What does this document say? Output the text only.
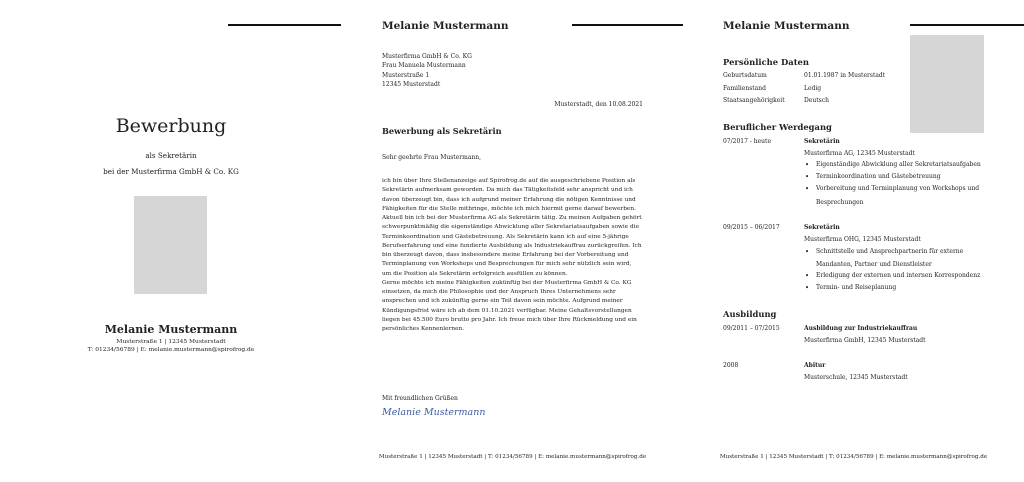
Bewerbung
als Sekretärin
bei der Musterfirma GmbH & Co. KG
Melanie Mustermann
Musterstraße 1 | 12345 Musterstadt
T: 01234/56789 | E: melanie.mustermann@spirofrog.de
Melanie Mustermann
Musterfirma GmbH & Co. KG
Frau Manuela Mustermann
Musterstraße 1
12345 Musterstadt
Musterstadt, den 10.08.2021
Bewerbung als Sekretärin
Sehr geehrte Frau Mustermann,
ich bin über Ihre Stellenanzeige auf Spirofrog.de auf die ausgeschriebene Position als
Sekretärin aufmerksam geworden. Da mich das Tätigkeitsfeld sehr anspricht und ich
davon überzeugt bin, dass ich aufgrund meiner Erfahrung die nötigen Kenntnisse und
Fähigkeiten für die Stelle mitbringe, möchte ich mich hiermit gerne darauf bewerben.
Aktuell bin ich bei der Musterfirma AG als Sekretärin tätig. Zu meinen Aufgaben gehört
schwerpunktmäßig die eigenständige Abwicklung aller Sekretariatsaufgaben sowie die
Terminkoordination und Gästebetreuung. Als Sekretärin kann ich auf eine 5-jährige
Berufserfahrung und eine fundierte Ausbildung als Industriekauffrau zurückgreifen. Ich
bin überzeugt davon, dass insbesondere meine Erfahrung bei der Vorbereitung und
Terminplanung von Workshops und Besprechungen für mich sehr nützlich sein wird,
um die Position als Sekretärin erfolgreich ausfüllen zu können.
Gerne möchte ich meine Fähigkeiten zukünftig bei der Musterfirma GmbH & Co. KG
einsetzen, da mich die Philosophie und der Anspruch Ihres Unternehmens sehr
ansprechen und ich zukünftig gerne ein Teil davon sein möchte. Aufgrund meiner
Kündigungsfrist wäre ich ab dem 01.10.2021 verfügbar. Meine Gehaltsvorstellungen
liegen bei 45.500 Euro brutto pro Jahr. Ich freue mich über Ihre Rückmeldung und ein
persönliches Kennenlernen.
Mit freundlichen Grüßen
Melanie Mustermann
Musterstraße 1 | 12345 Musterstadt | T: 01234/56789 | E: melanie.mustermann@spirofrog.de
Melanie Mustermann
Persönliche Daten
Geburtsdatum	01.01.1987 in Musterstadt
Familienstand	Ledig
Staatsangehörigkeit	Deutsch
Beruflicher Werdegang
07/2017 - heute	Sekretärin
Musterfirma AG, 12345 Musterstadt
• Eigenständige Abwicklung aller Sekretariatsaufgaben
• Terminkoordination und Gästebetreuung
• Vorbereitung und Terminplanung von Workshops und
Besprechungen
09/2015 – 06/2017	Sekretärin
Musterfirma OHG, 12345 Musterstadt
• Schnittstelle und Ansprechpartnerin für externe
Mandanten, Partner und Dienstleister
• Erledigung der externen und internen Korrespondenz
• Termin- und Reiseplanung
Ausbildung
09/2011 – 07/2015	Ausbildung zur Industriekauffrau
Musterfirma GmbH, 12345 Musterstadt
2008	Abitur
Musterschule, 12345 Musterstadt
Musterstraße 1 | 12345 Musterstadt | T: 01234/56789 | E: melanie.mustermann@spirofrog.de
